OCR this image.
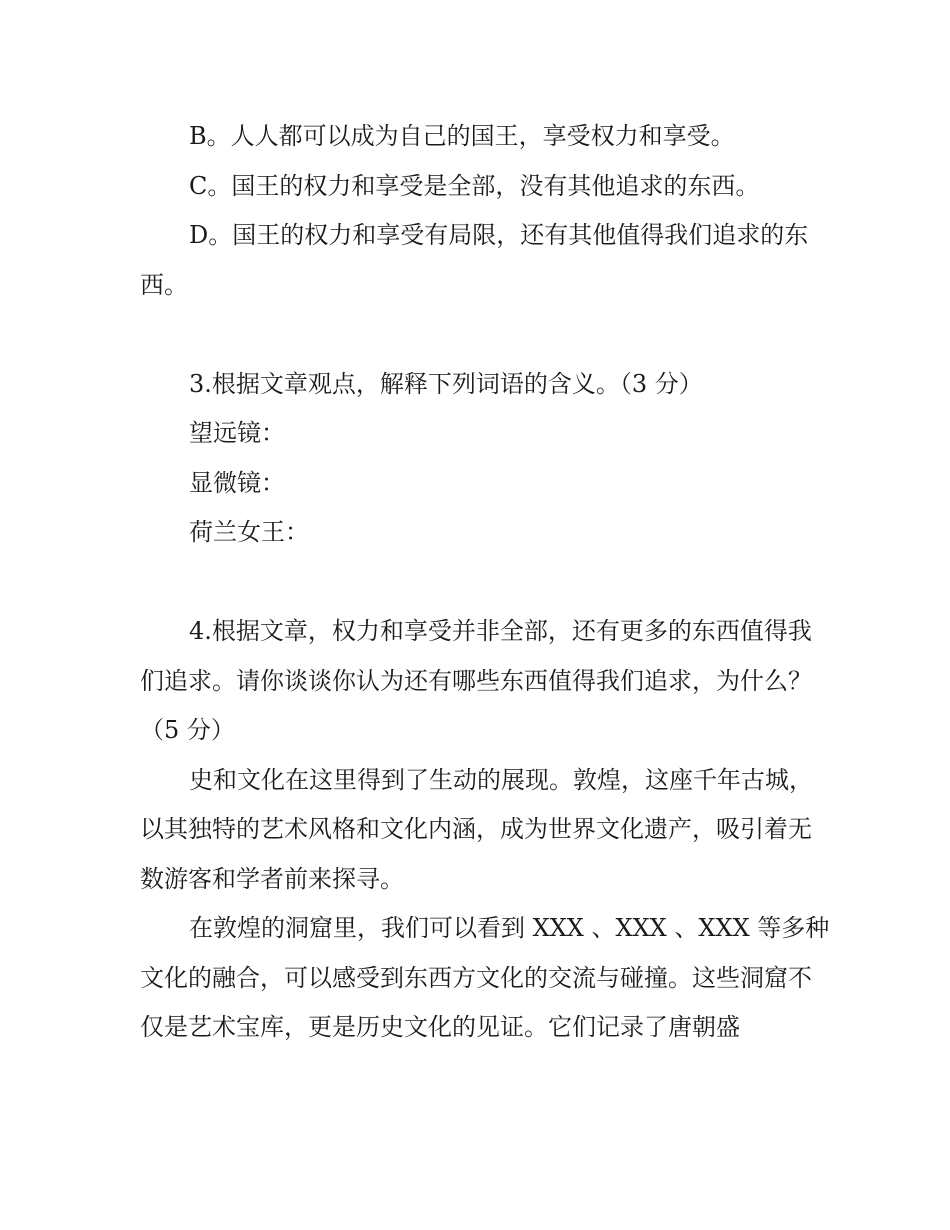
B。人人都可以成为自己的国王，享受权力和享受。

C。国王的权力和享受是全部，没有其他追求的东西。

D。国王的权力和享受有局限，还有其他值得我们追求的东西。

3.根据文章观点，解释下列词语的含义。（3 分）

望远镜：

显微镜：

荷兰女王：

4.根据文章，权力和享受并非全部，还有更多的东西值得我们追求。请你谈谈你认为还有哪些东西值得我们追求，为什么？（5 分）

史和文化在这里得到了生动的展现。敦煌，这座千年古城，以其独特的艺术风格和文化内涵，成为世界文化遗产，吸引着无数游客和学者前来探寻。

在敦煌的洞窟里，我们可以看到 XXX 、XXX 、XXX 等多种文化的融合，可以感受到东西方文化的交流与碰撞。这些洞窟不仅是艺术宝库，更是历史文化的见证。它们记录了唐朝盛
